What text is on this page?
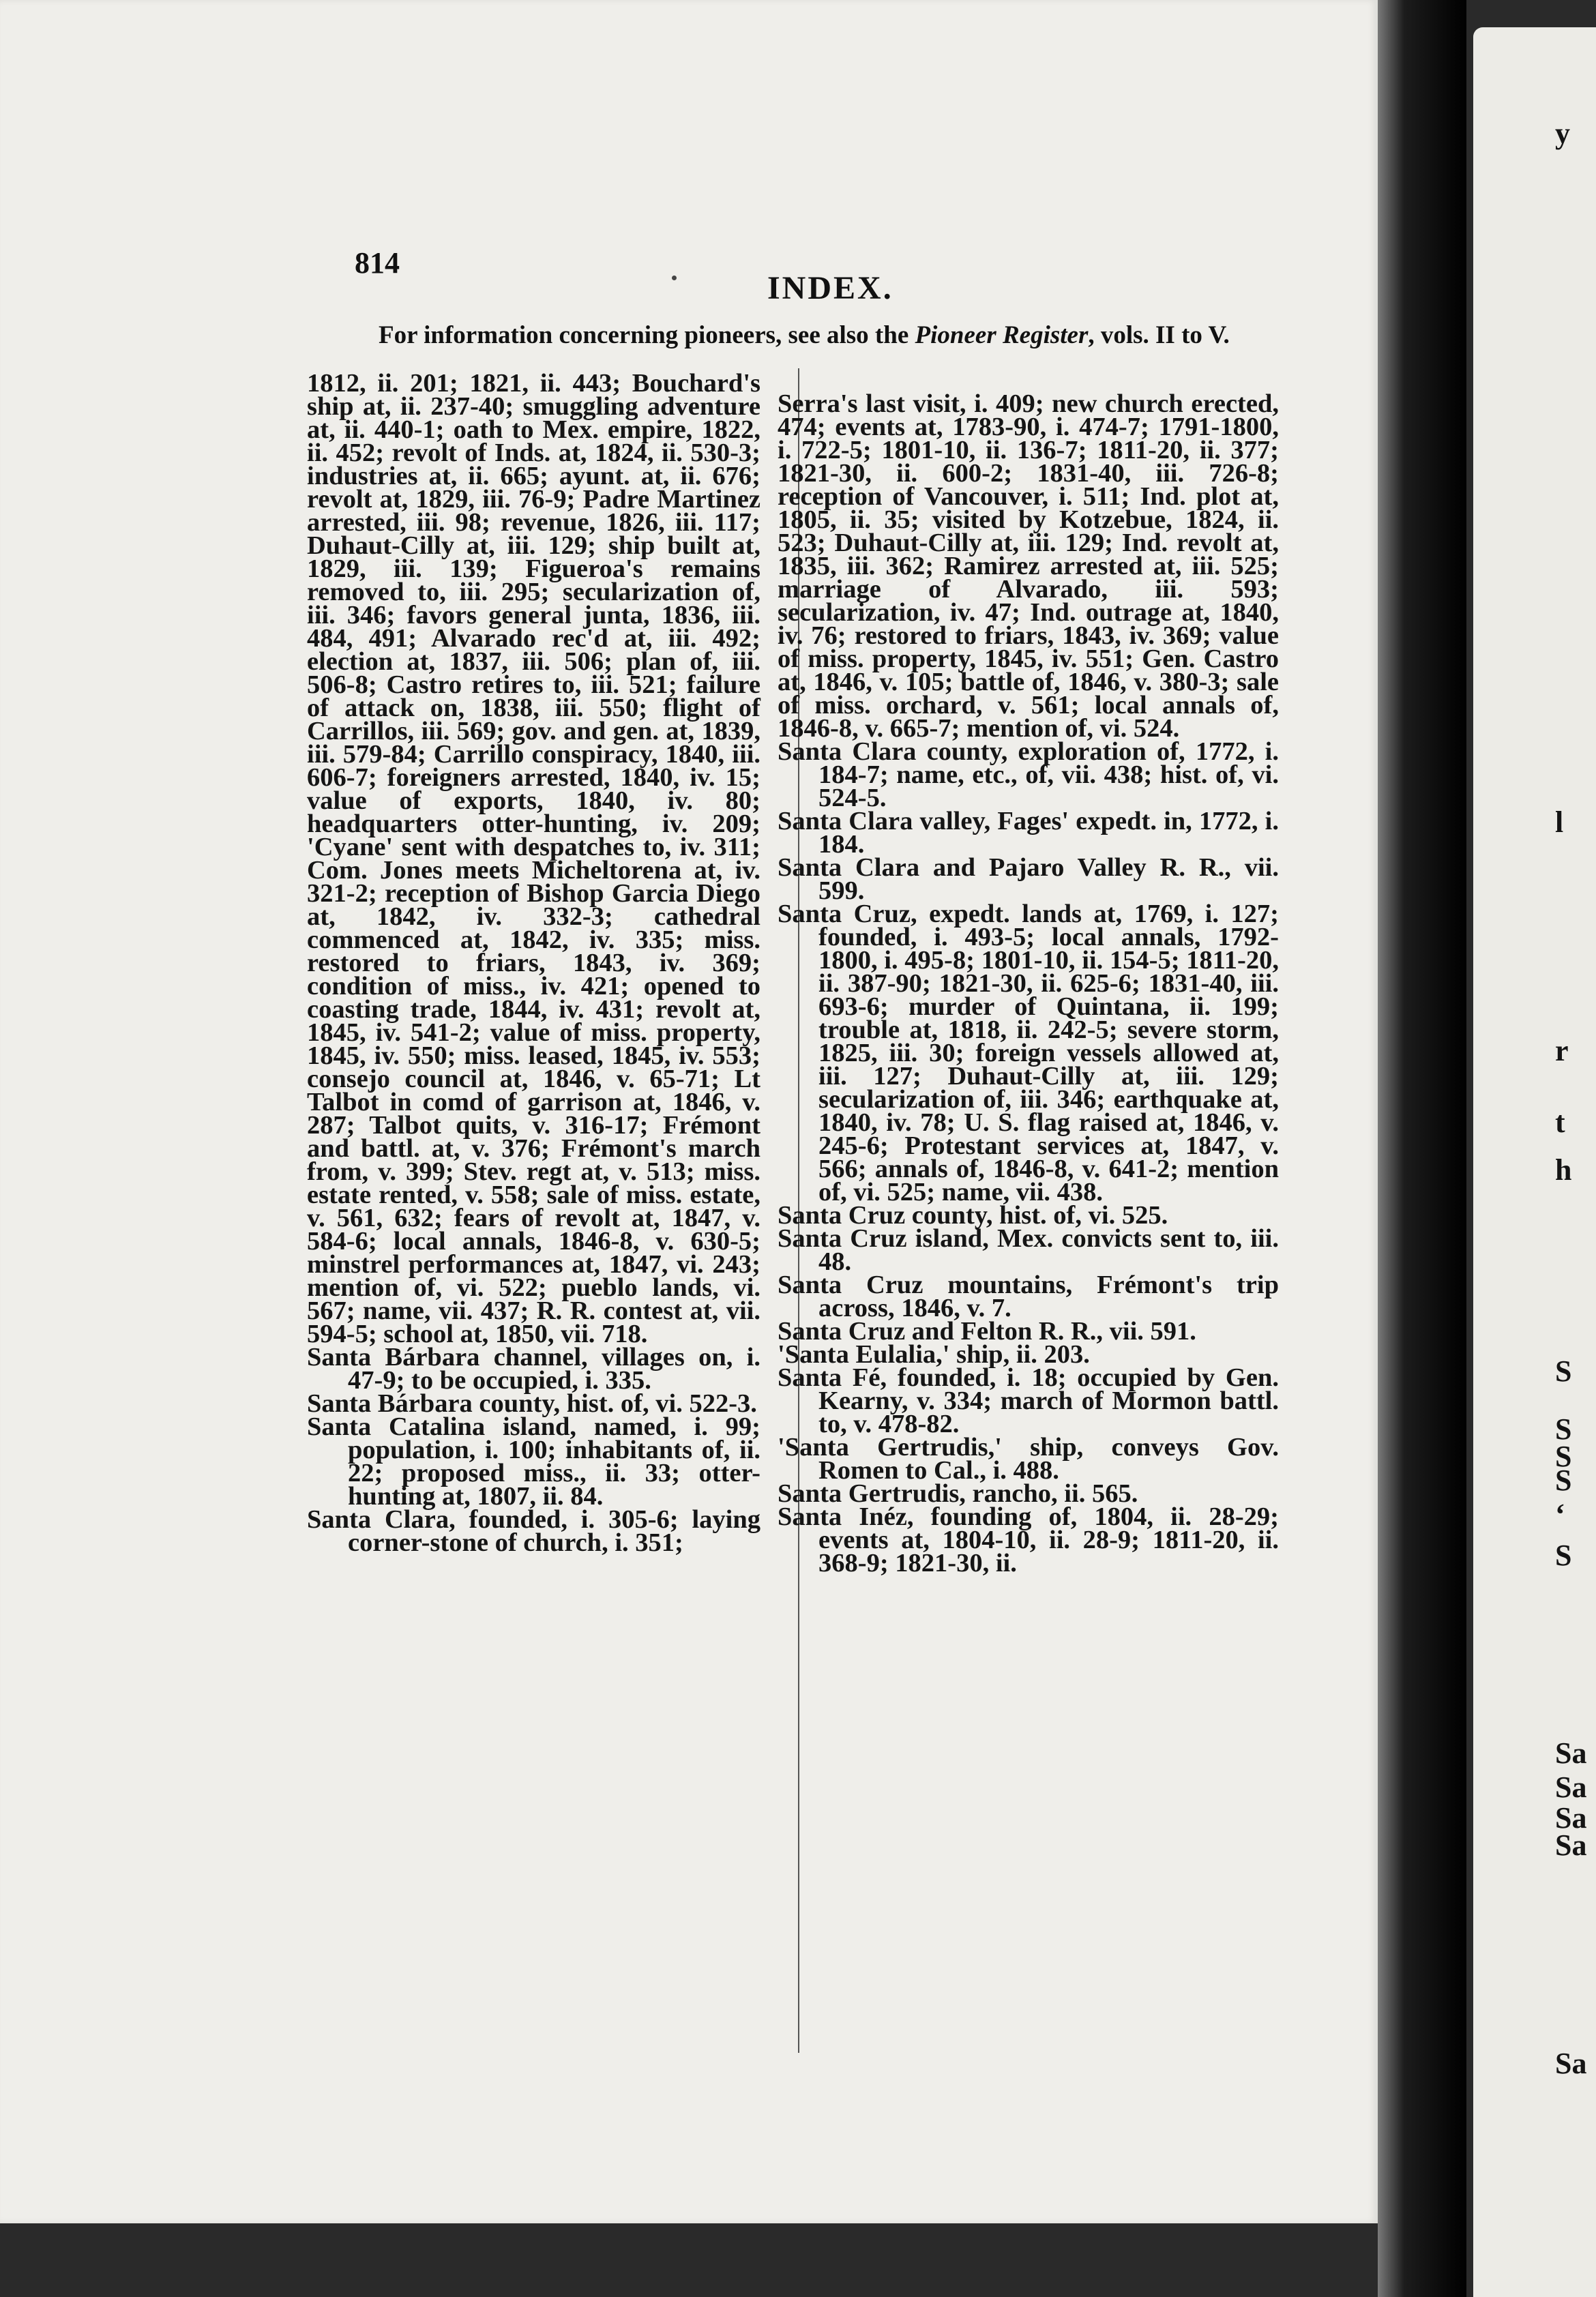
814
INDEX.
For information concerning pioneers, see also the Pioneer Register, vols. II to V.

1812, ii. 201; 1821, ii. 443; Bouchard's ship at, ii. 237-40; smuggling adventure at, ii. 440-1; oath to Mex. empire, 1822, ii. 452; revolt of Inds. at, 1824, ii. 530-3; industries at, ii. 665; ayunt. at, ii. 676; revolt at, 1829, iii. 76-9; Padre Martinez arrested, iii. 98; revenue, 1826, iii. 117; Duhaut-Cilly at, iii. 129; ship built at, 1829, iii. 139; Figueroa's remains removed to, iii. 295; secularization of, iii. 346; favors general junta, 1836, iii. 484, 491; Alvarado rec'd at, iii. 492; election at, 1837, iii. 506; plan of, iii. 506-8; Castro retires to, iii. 521; failure of attack on, 1838, iii. 550; flight of Carrillos, iii. 569; gov. and gen. at, 1839, iii. 579-84; Carrillo conspiracy, 1840, iii. 606-7; foreigners arrested, 1840, iv. 15; value of exports, 1840, iv. 80; headquarters otter-hunting, iv. 209; 'Cyane' sent with despatches to, iv. 311; Com. Jones meets Micheltorena at, iv. 321-2; reception of Bishop Garcia Diego at, 1842, iv. 332-3; cathedral commenced at, 1842, iv. 335; miss. restored to friars, 1843, iv. 369; condition of miss., iv. 421; opened to coasting trade, 1844, iv. 431; revolt at, 1845, iv. 541-2; value of miss. property, 1845, iv. 550; miss. leased, 1845, iv. 553; consejo council at, 1846, v. 65-71; Lt Talbot in comd of garrison at, 1846, v. 287; Talbot quits, v. 316-17; Frémont and battl. at, v. 376; Frémont's march from, v. 399; Stev. regt at, v. 513; miss. estate rented, v. 558; sale of miss. estate, v. 561, 632; fears of revolt at, 1847, v. 584-6; local annals, 1846-8, v. 630-5; minstrel performances at, 1847, vi. 243; mention of, vi. 522; pueblo lands, vi. 567; name, vii. 437; R. R. contest at, vii. 594-5; school at, 1850, vii. 718.

Santa Bárbara channel, villages on, i. 47-9; to be occupied, i. 335.

Santa Bárbara county, hist. of, vi. 522-3.

Santa Catalina island, named, i. 99; population, i. 100; inhabitants of, ii. 22; proposed miss., ii. 33; otter-hunting at, 1807, ii. 84.

Santa Clara, founded, i. 305-6; laying corner-stone of church, i. 351;

Serra's last visit, i. 409; new church erected, 474; events at, 1783-90, i. 474-7; 1791-1800, i. 722-5; 1801-10, ii. 136-7; 1811-20, ii. 377; 1821-30, ii. 600-2; 1831-40, iii. 726-8; reception of Vancouver, i. 511; Ind. plot at, 1805, ii. 35; visited by Kotzebue, 1824, ii. 523; Duhaut-Cilly at, iii. 129; Ind. revolt at, 1835, iii. 362; Ramirez arrested at, iii. 525; marriage of Alvarado, iii. 593; secularization, iv. 47; Ind. outrage at, 1840, iv. 76; restored to friars, 1843, iv. 369; value of miss. property, 1845, iv. 551; Gen. Castro at, 1846, v. 105; battle of, 1846, v. 380-3; sale of miss. orchard, v. 561; local annals of, 1846-8, v. 665-7; mention of, vi. 524.

Santa Clara county, exploration of, 1772, i. 184-7; name, etc., of, vii. 438; hist. of, vi. 524-5.

Santa Clara valley, Fages' expedt. in, 1772, i. 184.

Santa Clara and Pajaro Valley R. R., vii. 599.

Santa Cruz, expedt. lands at, 1769, i. 127; founded, i. 493-5; local annals, 1792-1800, i. 495-8; 1801-10, ii. 154-5; 1811-20, ii. 387-90; 1821-30, ii. 625-6; 1831-40, iii. 693-6; murder of Quintana, ii. 199; trouble at, 1818, ii. 242-5; severe storm, 1825, iii. 30; foreign vessels allowed at, iii. 127; Duhaut-Cilly at, iii. 129; secularization of, iii. 346; earthquake at, 1840, iv. 78; U. S. flag raised at, 1846, v. 245-6; Protestant services at, 1847, v. 566; annals of, 1846-8, v. 641-2; mention of, vi. 525; name, vii. 438.

Santa Cruz county, hist. of, vi. 525.

Santa Cruz island, Mex. convicts sent to, iii. 48.

Santa Cruz mountains, Frémont's trip across, 1846, v. 7.

Santa Cruz and Felton R. R., vii. 591.

'Santa Eulalia,' ship, ii. 203.

Santa Fé, founded, i. 18; occupied by Gen. Kearny, v. 334; march of Mormon battl. to, v. 478-82.

'Santa Gertrudis,' ship, conveys Gov. Romen to Cal., i. 488.

Santa Gertrudis, rancho, ii. 565.

Santa Inéz, founding of, 1804, ii. 28-29; events at, 1804-10, ii. 28-9; 1811-20, ii. 368-9; 1821-30, ii.

y
l
r
t
h
S
S
S
S
‘
S
Sa
Sa
Sa
Sa
Sa
